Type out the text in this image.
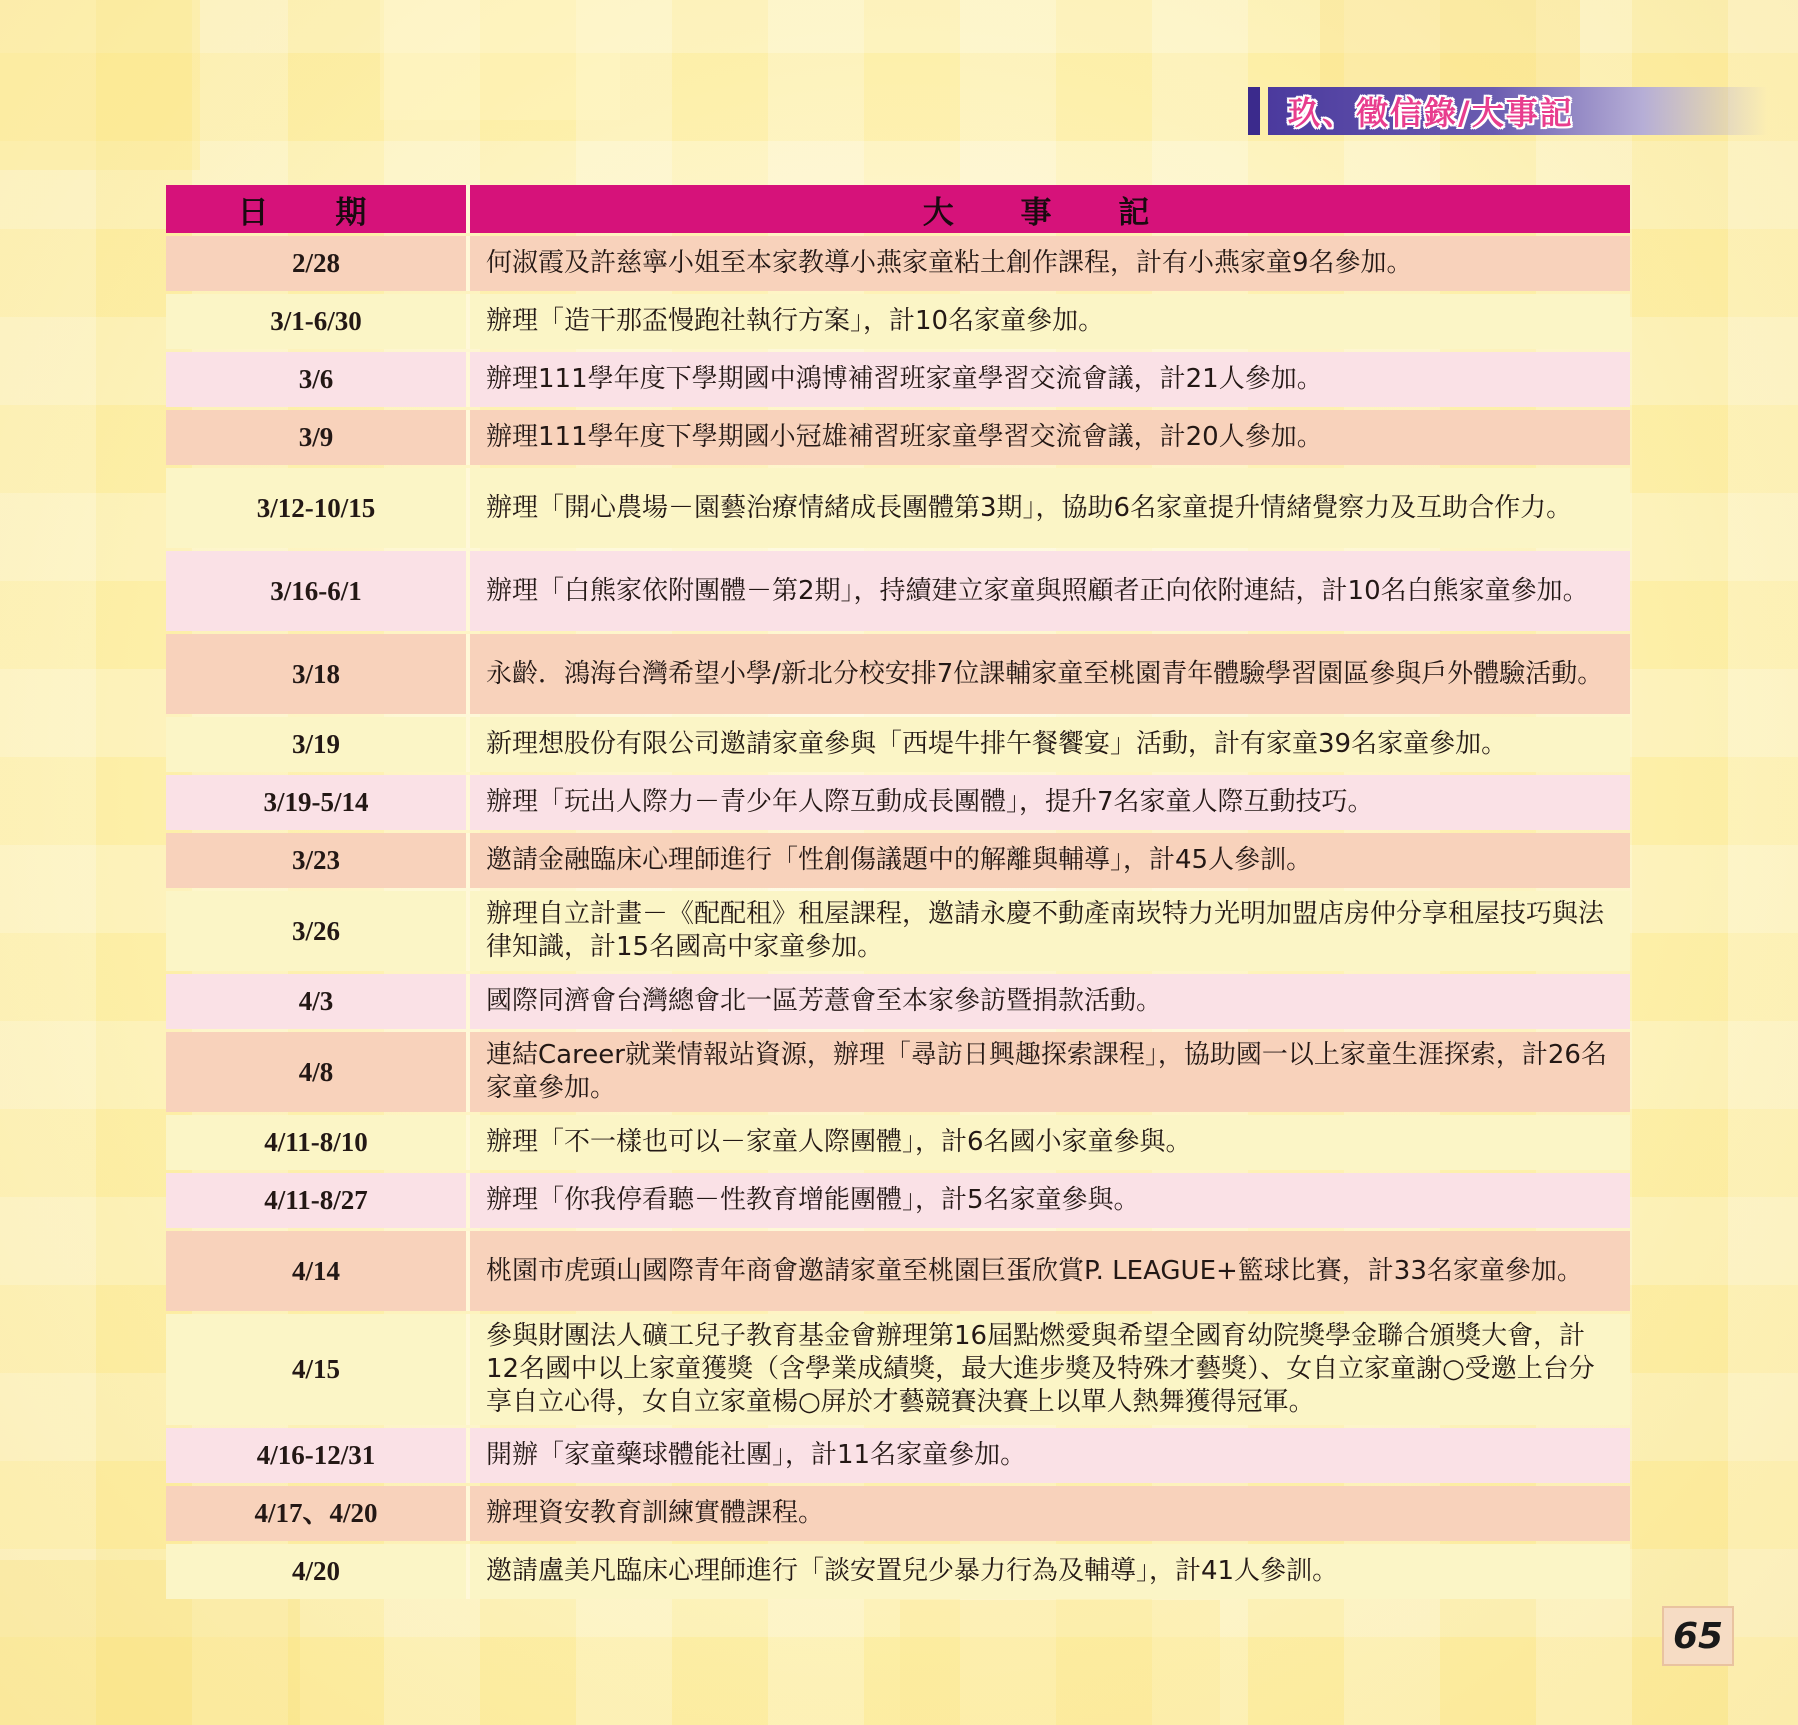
玖、徵信錄/大事記
日 期	大 事 記
2/28	何淑霞及許慈寧小姐至本家教導小燕家童粘土創作課程，計有小燕家童9名參加。
3/1-6/30	辦理「造干那盃慢跑社執行方案」，計10名家童參加。
3/6	辦理111學年度下學期國中鴻博補習班家童學習交流會議，計21人參加。
3/9	辦理111學年度下學期國小冠雄補習班家童學習交流會議，計20人參加。
3/12-10/15	辦理「開心農場－園藝治療情緒成長團體第3期」，協助6名家童提升情緒覺察力及互助合作力。
3/16-6/1	辦理「白熊家依附團體－第2期」，持續建立家童與照顧者正向依附連結，計10名白熊家童參加。
3/18	永齡．鴻海台灣希望小學/新北分校安排7位課輔家童至桃園青年體驗學習園區參與戶外體驗活動。
3/19	新理想股份有限公司邀請家童參與「西堤牛排午餐饗宴」活動，計有家童39名家童參加。
3/19-5/14	辦理「玩出人際力－青少年人際互動成長團體」，提升7名家童人際互動技巧。
3/23	邀請金融臨床心理師進行「性創傷議題中的解離與輔導」，計45人參訓。
3/26	辦理自立計畫－《配配租》租屋課程，邀請永慶不動產南崁特力光明加盟店房仲分享租屋技巧與法律知識，計15名國高中家童參加。
4/3	國際同濟會台灣總會北一區芳薏會至本家參訪暨捐款活動。
4/8	連結Career就業情報站資源，辦理「尋訪日興趣探索課程」，協助國一以上家童生涯探索，計26名家童參加。
4/11-8/10	辦理「不一樣也可以－家童人際團體」，計6名國小家童參與。
4/11-8/27	辦理「你我停看聽－性教育增能團體」，計5名家童參與。
4/14	桃園市虎頭山國際青年商會邀請家童至桃園巨蛋欣賞P. LEAGUE+籃球比賽，計33名家童參加。
4/15	參與財團法人礦工兒子教育基金會辦理第16屆點燃愛與希望全國育幼院獎學金聯合頒獎大會，計12名國中以上家童獲獎（含學業成績獎，最大進步獎及特殊才藝獎）、女自立家童謝○受邀上台分享自立心得，女自立家童楊○屏於才藝競賽決賽上以單人熱舞獲得冠軍。
4/16-12/31	開辦「家童藥球體能社團」，計11名家童參加。
4/17、4/20	辦理資安教育訓練實體課程。
4/20	邀請盧美凡臨床心理師進行「談安置兒少暴力行為及輔導」，計41人參訓。
65
